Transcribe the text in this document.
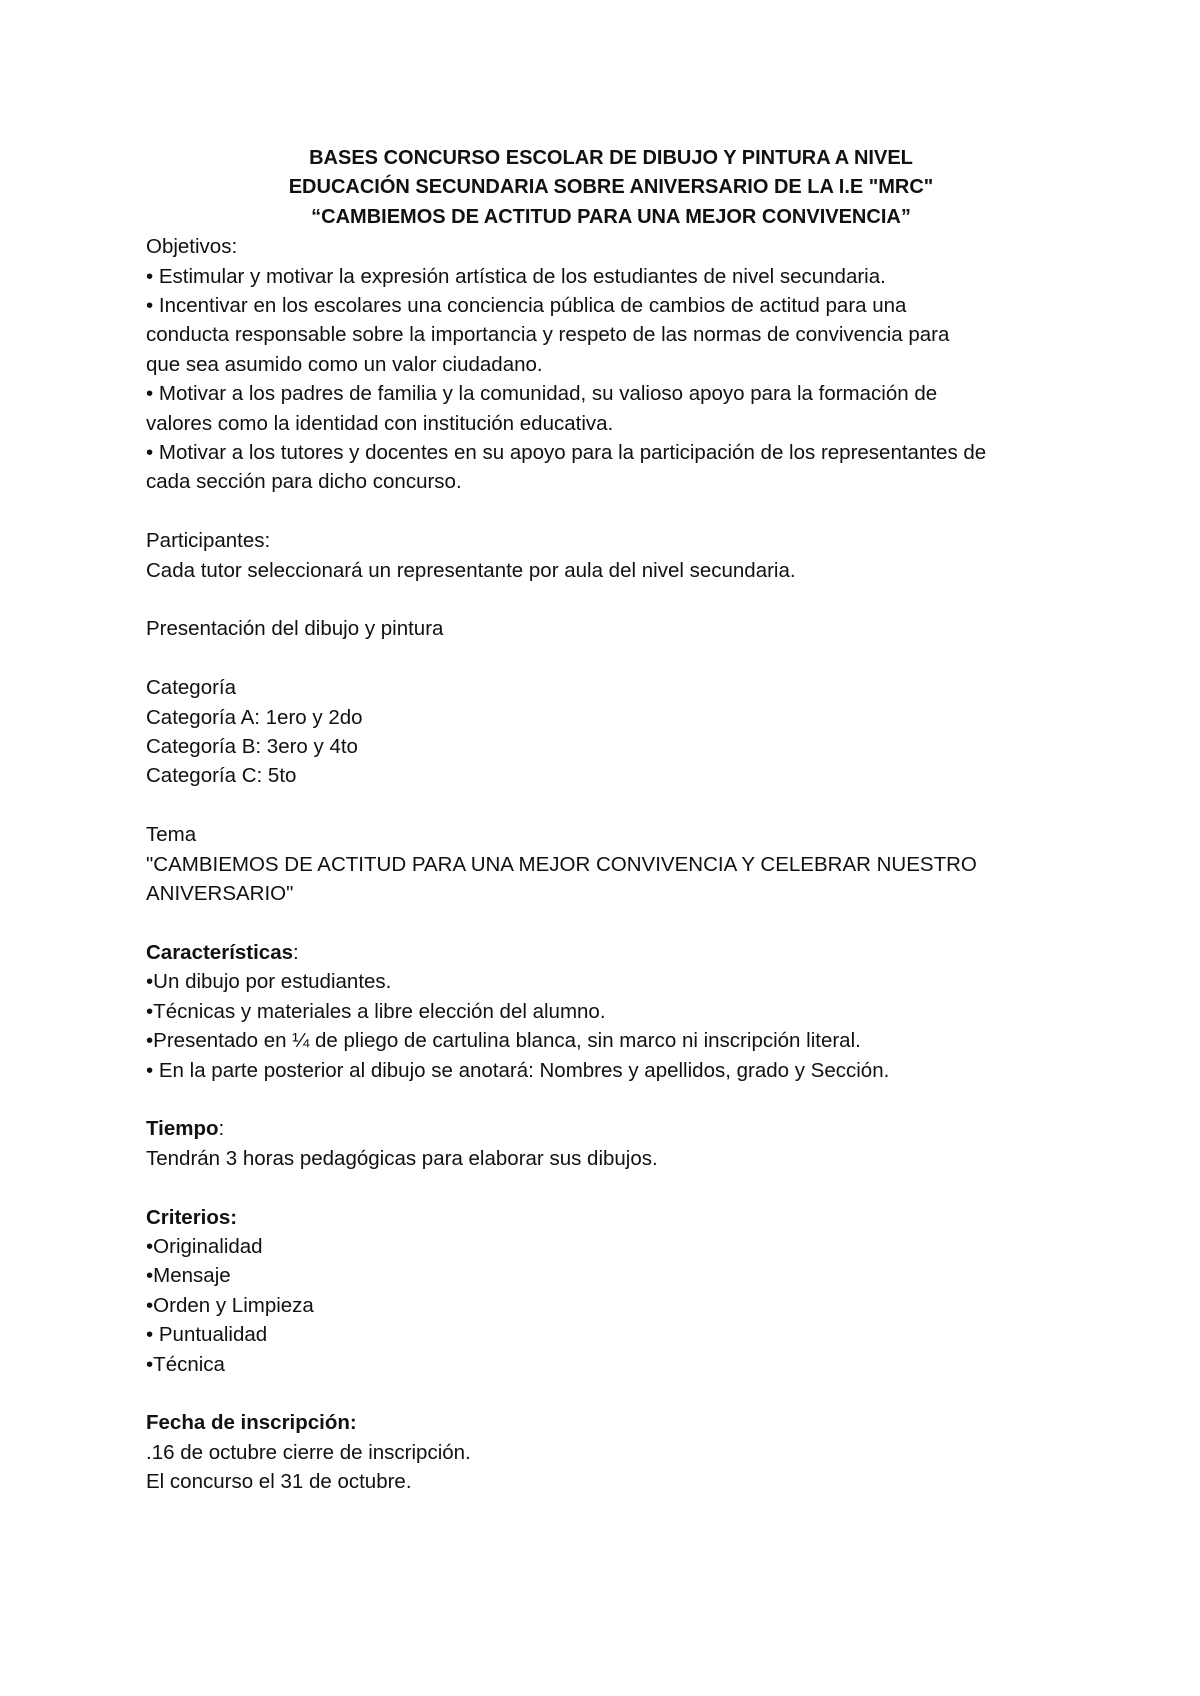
BASES CONCURSO ESCOLAR DE DIBUJO Y PINTURA A NIVEL
EDUCACIÓN SECUNDARIA SOBRE ANIVERSARIO DE LA I.E "MRC"
“CAMBIEMOS DE ACTITUD PARA UNA MEJOR CONVIVENCIA”
Objetivos:
• Estimular y motivar la expresión artística de los estudiantes de nivel secundaria.
• Incentivar en los escolares una conciencia pública de cambios de actitud para una
conducta responsable sobre la importancia y respeto de las normas de convivencia para
que sea asumido como un valor ciudadano.
• Motivar a los padres de familia y la comunidad, su valioso apoyo para la formación de
valores como la identidad con institución educativa.
• Motivar a los tutores y docentes en su apoyo para la participación de los representantes de
cada sección para dicho concurso.
Participantes:
Cada tutor seleccionará un representante por aula del nivel secundaria.
Presentación del dibujo y pintura
Categoría
Categoría A: 1ero y 2do
Categoría B: 3ero y 4to
Categoría C: 5to
Tema
"CAMBIEMOS DE ACTITUD PARA UNA MEJOR CONVIVENCIA Y CELEBRAR NUESTRO
ANIVERSARIO"
Características:
•Un dibujo por estudiantes.
•Técnicas y materiales a libre elección del alumno.
•Presentado en ¼ de pliego de cartulina blanca, sin marco ni inscripción literal.
• En la parte posterior al dibujo se anotará: Nombres y apellidos, grado y Sección.
Tiempo:
Tendrán 3 horas pedagógicas para elaborar sus dibujos.
Criterios:
•Originalidad
•Mensaje
•Orden y Limpieza
• Puntualidad
•Técnica
Fecha de inscripción:
.16 de octubre cierre de inscripción.
El concurso el 31 de octubre.
